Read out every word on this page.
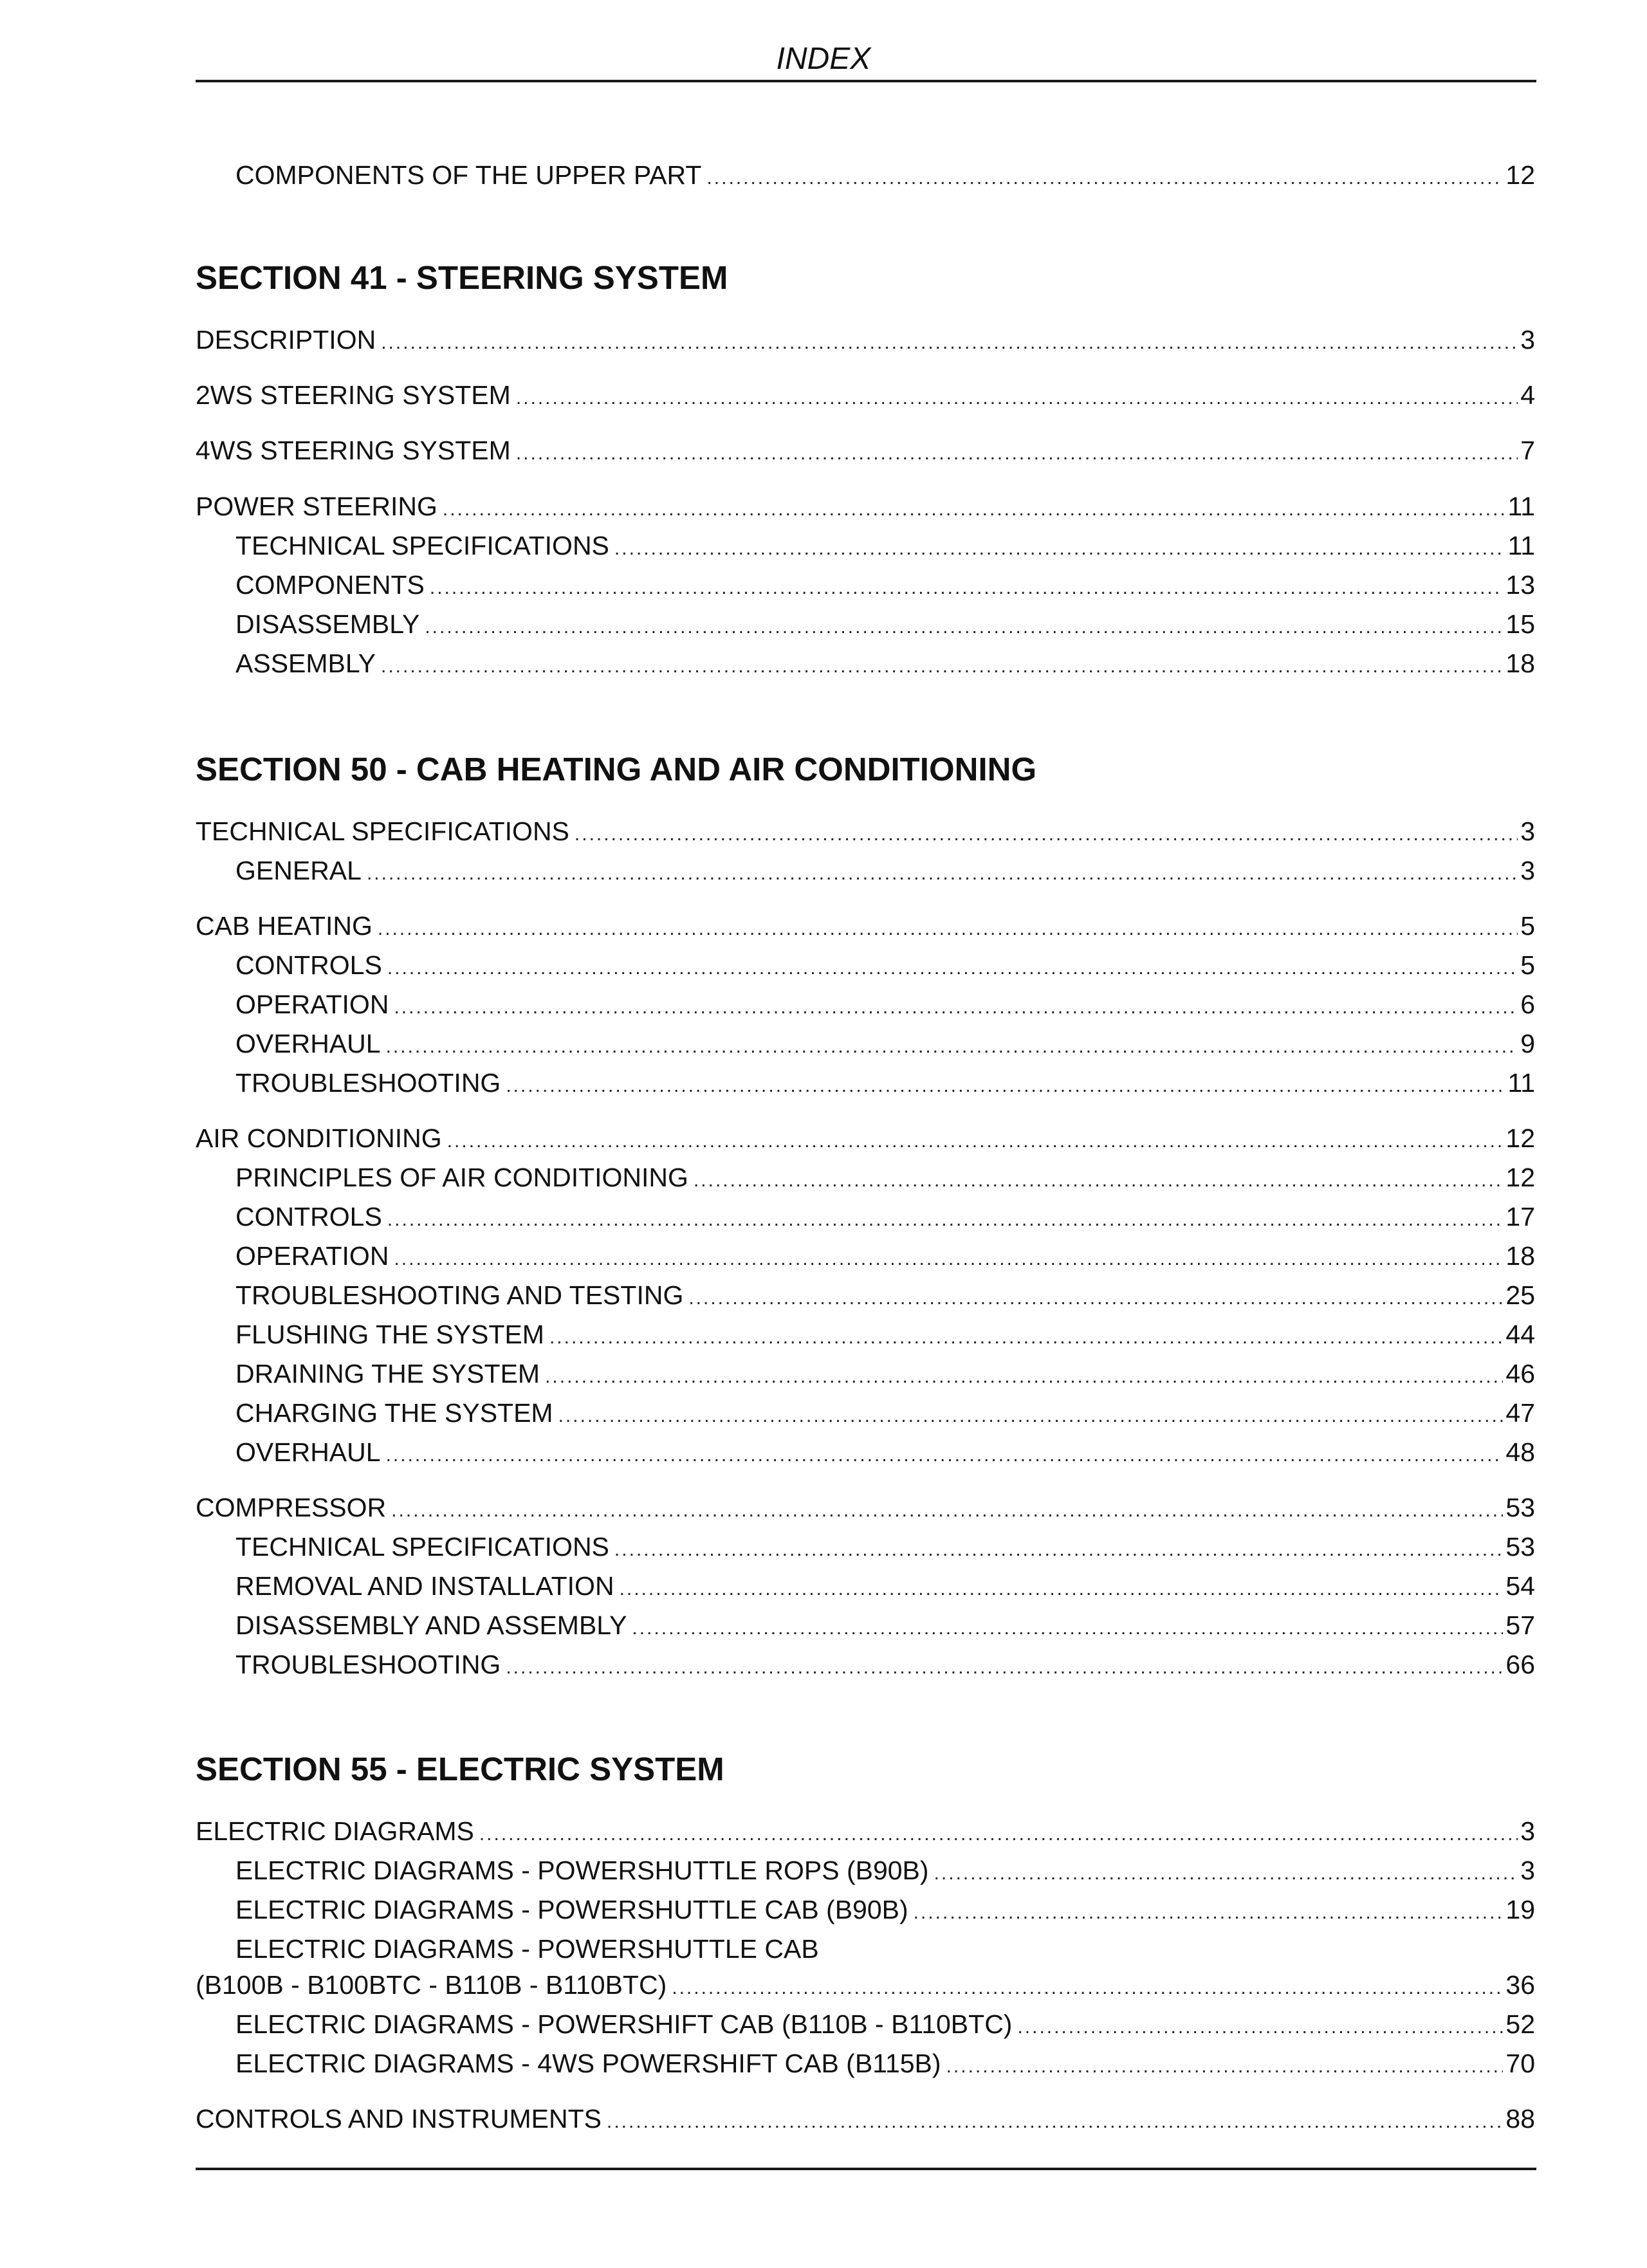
INDEX
COMPONENTS OF THE UPPER PART .....	12
SECTION 41 - STEERING SYSTEM
DESCRIPTION .....	3
2WS STEERING SYSTEM .....	4
4WS STEERING SYSTEM .....	7
POWER STEERING .....	11
TECHNICAL SPECIFICATIONS .....	11
COMPONENTS .....	13
DISASSEMBLY .....	15
ASSEMBLY .....	18
SECTION 50 - CAB HEATING AND AIR CONDITIONING
TECHNICAL SPECIFICATIONS .....	3
GENERAL .....	3
CAB HEATING .....	5
CONTROLS .....	5
OPERATION .....	6
OVERHAUL .....	9
TROUBLESHOOTING .....	11
AIR CONDITIONING .....	12
PRINCIPLES OF AIR CONDITIONING .....	12
CONTROLS .....	17
OPERATION .....	18
TROUBLESHOOTING AND TESTING .....	25
FLUSHING THE SYSTEM .....	44
DRAINING THE SYSTEM .....	46
CHARGING THE SYSTEM .....	47
OVERHAUL .....	48
COMPRESSOR .....	53
TECHNICAL SPECIFICATIONS .....	53
REMOVAL AND INSTALLATION .....	54
DISASSEMBLY AND ASSEMBLY .....	57
TROUBLESHOOTING .....	66
SECTION 55 - ELECTRIC SYSTEM
ELECTRIC DIAGRAMS .....	3
ELECTRIC DIAGRAMS - POWERSHUTTLE ROPS (B90B) .....	3
ELECTRIC DIAGRAMS - POWERSHUTTLE CAB (B90B) .....	19
ELECTRIC DIAGRAMS - POWERSHUTTLE CAB
(B100B - B100BTC - B110B - B110BTC) .....	36
ELECTRIC DIAGRAMS - POWERSHIFT CAB (B110B - B110BTC) .....	52
ELECTRIC DIAGRAMS - 4WS POWERSHIFT CAB (B115B) .....	70
CONTROLS AND INSTRUMENTS .....	88
